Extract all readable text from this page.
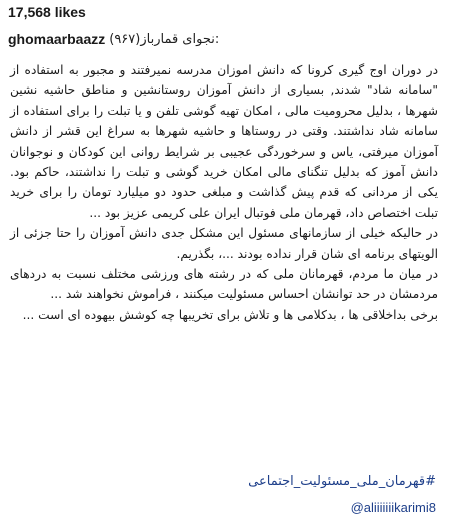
17,568 likes
ghomaarbaazz :نجوای قمارباز(۹۶۷)

در دوران اوج گیری کرونا که دانش اموزان مدرسه نمیرفتند و مجبور به استفاده از "سامانه شاد" شدند, بسیاری از دانش آموزان روستانشین و مناطق حاشیه نشین شهرها ، بدلیل محرومیت مالی ، امکان تهیه گوشی تلفن و یا تبلت را برای استفاده از سامانه شاد نداشتند. وقتی در روستاها و حاشیه شهرها به سراغ این قشر از دانش آموزان میرفتی، یاس و سرخوردگی عجیبی بر شرایط روانی این کودکان و نوجوانان دانش آموز که بدلیل تنگنای مالی امکان خرید گوشی و تبلت را نداشتند، حاکم بود. یکی از مردانی که قدم پیش گذاشت و مبلغی حدود دو میلیارد تومان را برای خرید تبلت اختصاص داد، قهرمان ملی فوتبال ایران علی کریمی عزیز بود ...

در حالیکه خیلی از سازمانهای مسئول این مشکل جدی دانش آموزان را حتا جزئی از الویتهای برنامه ای شان قرار نداده بودند ...، بگذریم.

در میان ما مردم، قهرمانان ملی که در رشته های ورزشی مختلف نسبت به دردهای مردمشان در حد توانشان احساس مسئولیت میکنند ، فراموش نخواهند شد ...

برخی بداخلاقی ها ، بدکلامی ها و تلاش برای تخریبها چه کوشش بیهوده ای است ...

#قهرمان_ملی_مسئولیت_اجتماعی
@aliiiiiiikarimi8
